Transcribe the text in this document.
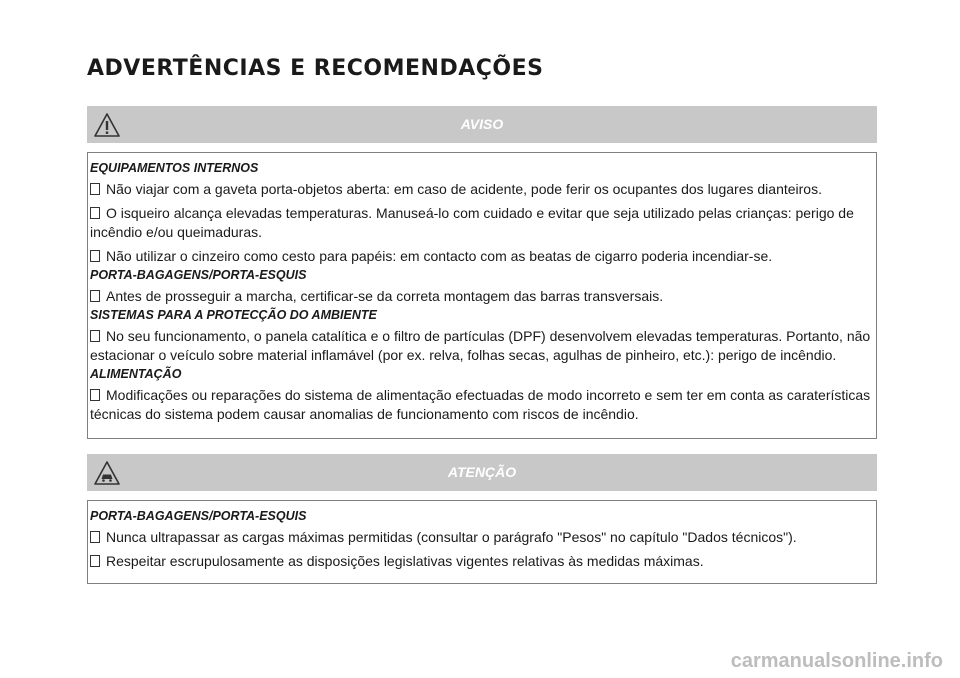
ADVERTÊNCIAS E RECOMENDAÇÕES
AVISO
EQUIPAMENTOS INTERNOS
Não viajar com a gaveta porta-objetos aberta: em caso de acidente, pode ferir os ocupantes dos lugares dianteiros.
O isqueiro alcança elevadas temperaturas. Manuseá-lo com cuidado e evitar que seja utilizado pelas crianças: perigo de incêndio e/ou queimaduras.
Não utilizar o cinzeiro como cesto para papéis: em contacto com as beatas de cigarro poderia incendiar-se.
PORTA-BAGAGENS/PORTA-ESQUIS
Antes de prosseguir a marcha, certificar-se da correta montagem das barras transversais.
SISTEMAS PARA A PROTECÇÃO DO AMBIENTE
No seu funcionamento, o panela catalítica e o filtro de partículas (DPF) desenvolvem elevadas temperaturas. Portanto, não estacionar o veículo sobre material inflamável (por ex. relva, folhas secas, agulhas de pinheiro, etc.): perigo de incêndio.
ALIMENTAÇÃO
Modificações ou reparações do sistema de alimentação efectuadas de modo incorreto e sem ter em conta as caraterísticas técnicas do sistema podem causar anomalias de funcionamento com riscos de incêndio.
ATENÇÃO
PORTA-BAGAGENS/PORTA-ESQUIS
Nunca ultrapassar as cargas máximas permitidas (consultar o parágrafo "Pesos" no capítulo "Dados técnicos").
Respeitar escrupulosamente as disposições legislativas vigentes relativas às medidas máximas.
carmanualsonline.info
